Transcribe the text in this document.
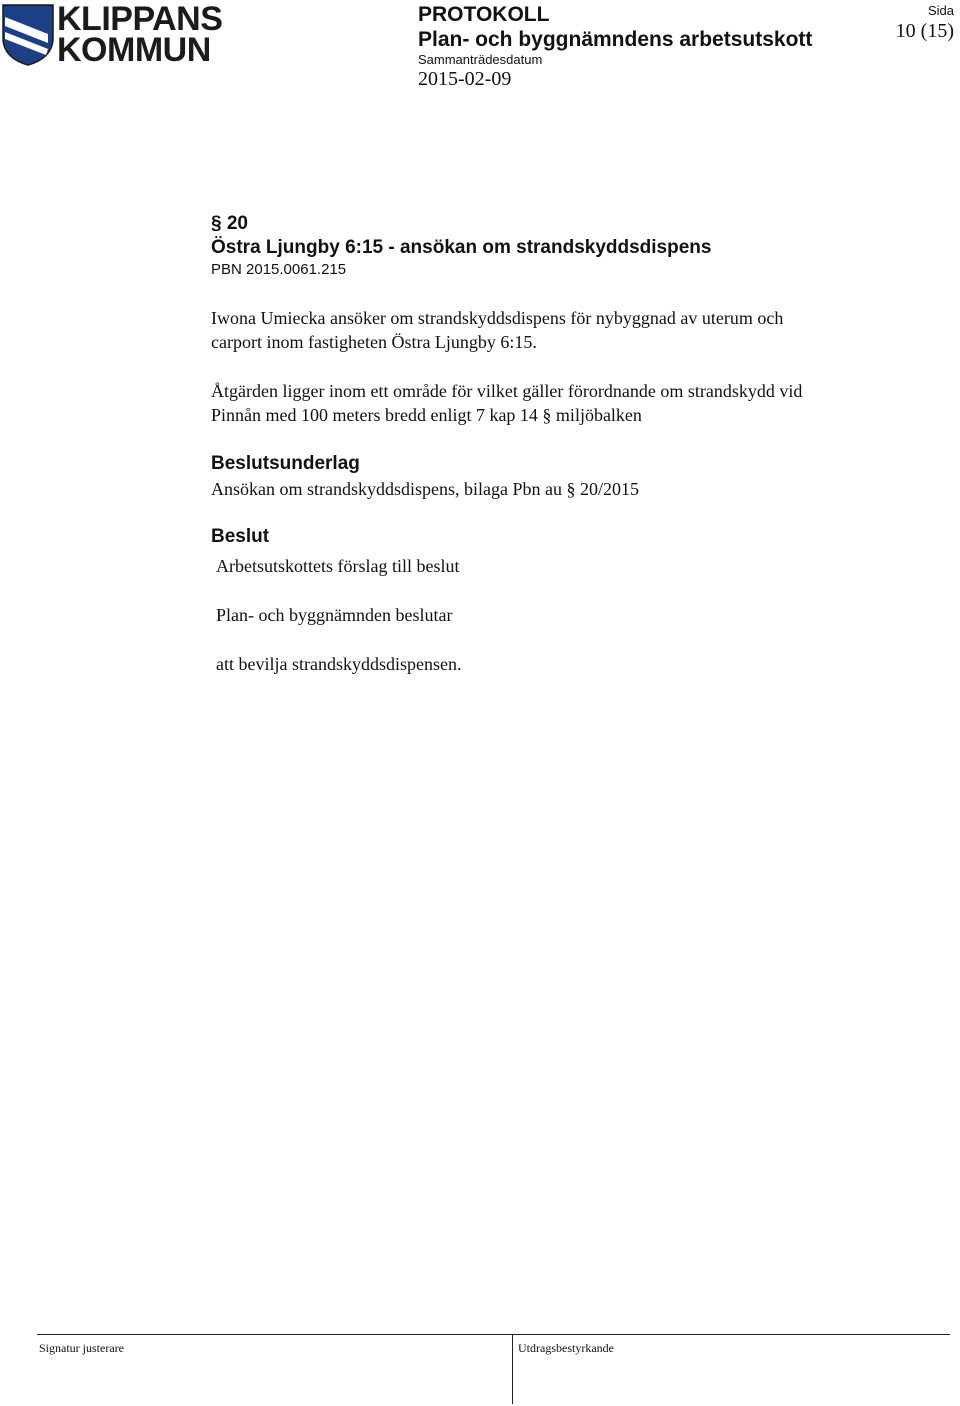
KLIPPANS
KOMMUN
PROTOKOLL
Plan- och byggnämndens arbetsutskott
Sammanträdesdatum
2015-02-09
Sida
10 (15)
§ 20
Östra Ljungby 6:15 - ansökan om strandskyddsdispens
PBN 2015.0061.215
Iwona Umiecka ansöker om strandskyddsdispens för nybyggnad av uterum och
carport inom fastigheten Östra Ljungby 6:15.
Åtgärden ligger inom ett område för vilket gäller förordnande om strandskydd vid
Pinnån med 100 meters bredd enligt 7 kap 14 § miljöbalken
Beslutsunderlag
Ansökan om strandskyddsdispens, bilaga Pbn au § 20/2015
Beslut
Arbetsutskottets förslag till beslut
Plan- och byggnämnden beslutar
att bevilja strandskyddsdispensen.
Signatur justerare	Utdragsbestyrkande
